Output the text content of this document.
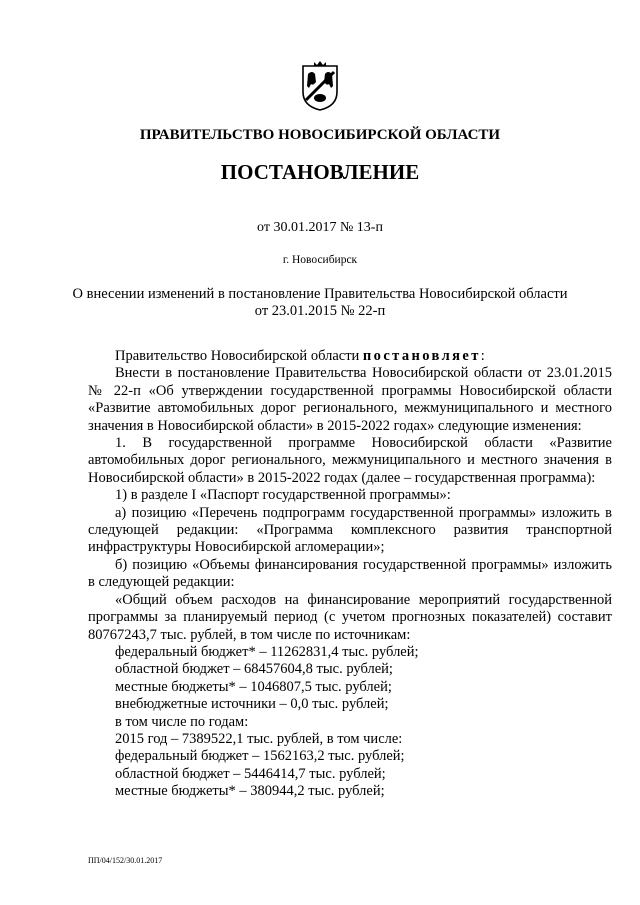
ПРАВИТЕЛЬСТВО НОВОСИБИРСКОЙ ОБЛАСТИ
ПОСТАНОВЛЕНИЕ
от 30.01.2017 № 13-п
г. Новосибирск
О внесении изменений в постановление Правительства Новосибирской области
от 23.01.2015 № 22-п

Правительство Новосибирской области постановляет:

Внести в постановление Правительства Новосибирской области от 23.01.2015 № 22-п «Об утверждении государственной программы Новосибирской области «Развитие автомобильных дорог регионального, межмуниципального и местного значения в Новосибирской области» в 2015-2022 годах» следующие изменения:

1. В государственной программе Новосибирской области «Развитие автомобильных дорог регионального, межмуниципального и местного значения в Новосибирской области» в 2015-2022 годах (далее – государственная программа):

1) в разделе I «Паспорт государственной программы»:

а) позицию «Перечень подпрограмм государственной программы» изложить в следующей редакции: «Программа комплексного развития транспортной инфраструктуры Новосибирской агломерации»;

б) позицию «Объемы финансирования государственной программы» изложить в следующей редакции:

«Общий объем расходов на финансирование мероприятий государственной программы за планируемый период (с учетом прогнозных показателей) составит 80767243,7 тыс. рублей, в том числе по источникам:

федеральный бюджет* – 11262831,4 тыс. рублей;

областной бюджет – 68457604,8 тыс. рублей;

местные бюджеты* – 1046807,5 тыс. рублей;

внебюджетные источники – 0,0 тыс. рублей;

в том числе по годам:

2015 год – 7389522,1 тыс. рублей, в том числе:

федеральный бюджет – 1562163,2 тыс. рублей;

областной бюджет – 5446414,7 тыс. рублей;

местные бюджеты* – 380944,2 тыс. рублей;

ПП/04/152/30.01.2017
